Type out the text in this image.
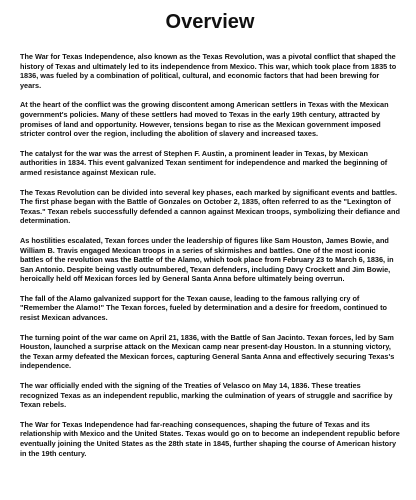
Overview

The War for Texas Independence, also known as the Texas Revolution, was a pivotal conflict that shaped the history of Texas and ultimately led to its independence from Mexico. This war, which took place from 1835 to 1836, was fueled by a combination of political, cultural, and economic factors that had been brewing for years.

At the heart of the conflict was the growing discontent among American settlers in Texas with the Mexican government's policies. Many of these settlers had moved to Texas in the early 19th century, attracted by promises of land and opportunity. However, tensions began to rise as the Mexican government imposed stricter control over the region, including the abolition of slavery and increased taxes.

The catalyst for the war was the arrest of Stephen F. Austin, a prominent leader in Texas, by Mexican authorities in 1834. This event galvanized Texan sentiment for independence and marked the beginning of armed resistance against Mexican rule.

The Texas Revolution can be divided into several key phases, each marked by significant events and battles. The first phase began with the Battle of Gonzales on October 2, 1835, often referred to as the "Lexington of Texas." Texan rebels successfully defended a cannon against Mexican troops, symbolizing their defiance and determination.

As hostilities escalated, Texan forces under the leadership of figures like Sam Houston, James Bowie, and William B. Travis engaged Mexican troops in a series of skirmishes and battles. One of the most iconic battles of the revolution was the Battle of the Alamo, which took place from February 23 to March 6, 1836, in San Antonio. Despite being vastly outnumbered, Texan defenders, including Davy Crockett and Jim Bowie, heroically held off Mexican forces led by General Santa Anna before ultimately being overrun.

The fall of the Alamo galvanized support for the Texan cause, leading to the famous rallying cry of "Remember the Alamo!" The Texan forces, fueled by determination and a desire for freedom, continued to resist Mexican advances.

The turning point of the war came on April 21, 1836, with the Battle of San Jacinto. Texan forces, led by Sam Houston, launched a surprise attack on the Mexican camp near present-day Houston. In a stunning victory, the Texan army defeated the Mexican forces, capturing General Santa Anna and effectively securing Texas's independence.

The war officially ended with the signing of the Treaties of Velasco on May 14, 1836. These treaties recognized Texas as an independent republic, marking the culmination of years of struggle and sacrifice by Texan rebels.

The War for Texas Independence had far-reaching consequences, shaping the future of Texas and its relationship with Mexico and the United States. Texas would go on to become an independent republic before eventually joining the United States as the 28th state in 1845, further shaping the course of American history in the 19th century.
